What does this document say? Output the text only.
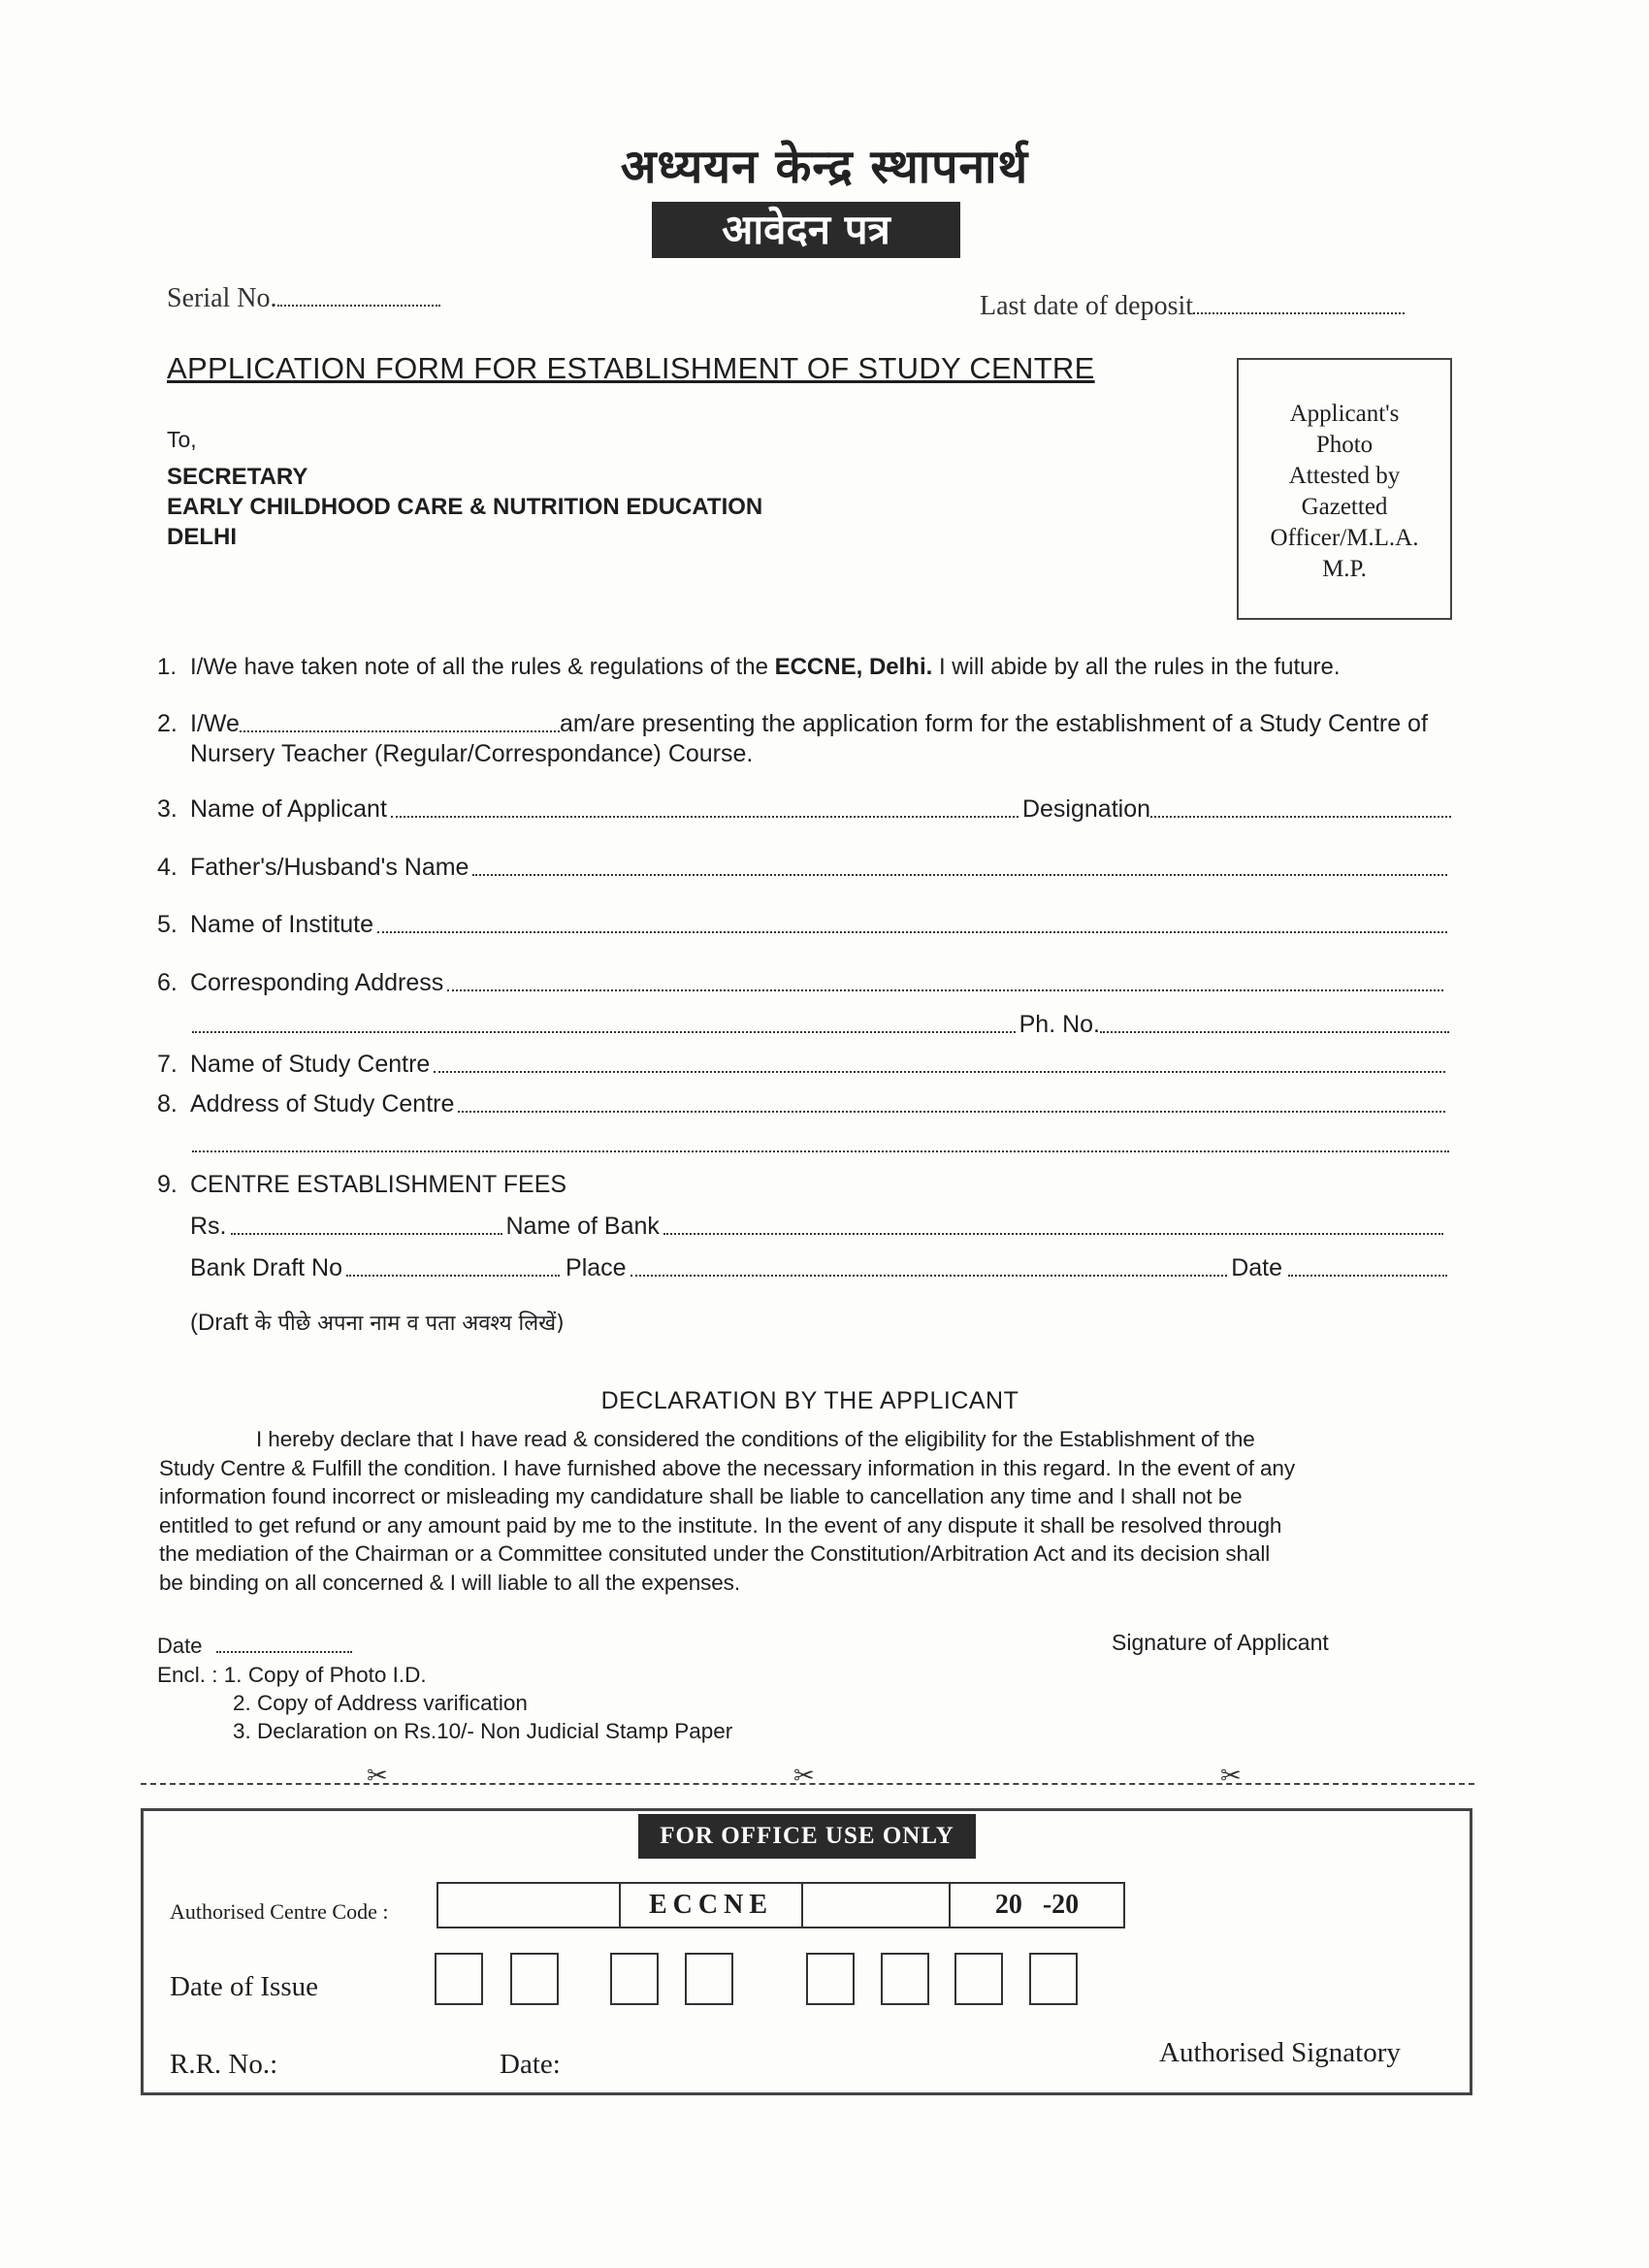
अध्ययन केन्द्र स्थापनार्थ
आवेदन पत्र
Serial No.	Last date of deposit
APPLICATION FORM FOR ESTABLISHMENT OF STUDY CENTRE
To,
SECRETARY
EARLY CHILDHOOD CARE & NUTRITION EDUCATION
DELHI
Applicant's
Photo
Attested by
Gazetted
Officer/M.L.A.
M.P.
1. I/We have taken note of all the rules & regulations of the ECCNE, Delhi. I will abide by all the rules in the future.
2. I/We	am/are presenting the application form for the establishment of a Study Centre of
Nursery Teacher (Regular/Correspondance) Course.
3. Name of Applicant	Designation
4. Father's/Husband's Name
5. Name of Institute
6. Corresponding Address
Ph. No.
7. Name of Study Centre
8. Address of Study Centre
9. CENTRE ESTABLISHMENT FEES
Rs.	Name of Bank
Bank Draft No	Place	Date
(Draft के पीछे अपना नाम व पता अवश्य लिखें)
DECLARATION BY THE APPLICANT
I hereby declare that I have read & considered the conditions of the eligibility for the Establishment of the
Study Centre & Fulfill the condition. I have furnished above the necessary information in this regard. In the event of any
information found incorrect or misleading my candidature shall be liable to cancellation any time and I shall not be
entitled to get refund or any amount paid by me to the institute. In the event of any dispute it shall be resolved through
the mediation of the Chairman or a Committee consituted under the Constitution/Arbitration Act and its decision shall
be binding on all concerned & I will liable to all the expenses.
Date	Signature of Applicant
Encl. : 1. Copy of Photo I.D.
2. Copy of Address varification
3. Declaration on Rs.10/- Non Judicial Stamp Paper
✂	✂	✂
FOR OFFICE USE ONLY
Authorised Centre Code :	ECCNE	20   -20
Date of Issue
R.R. No.:	Date:	Authorised Signatory
